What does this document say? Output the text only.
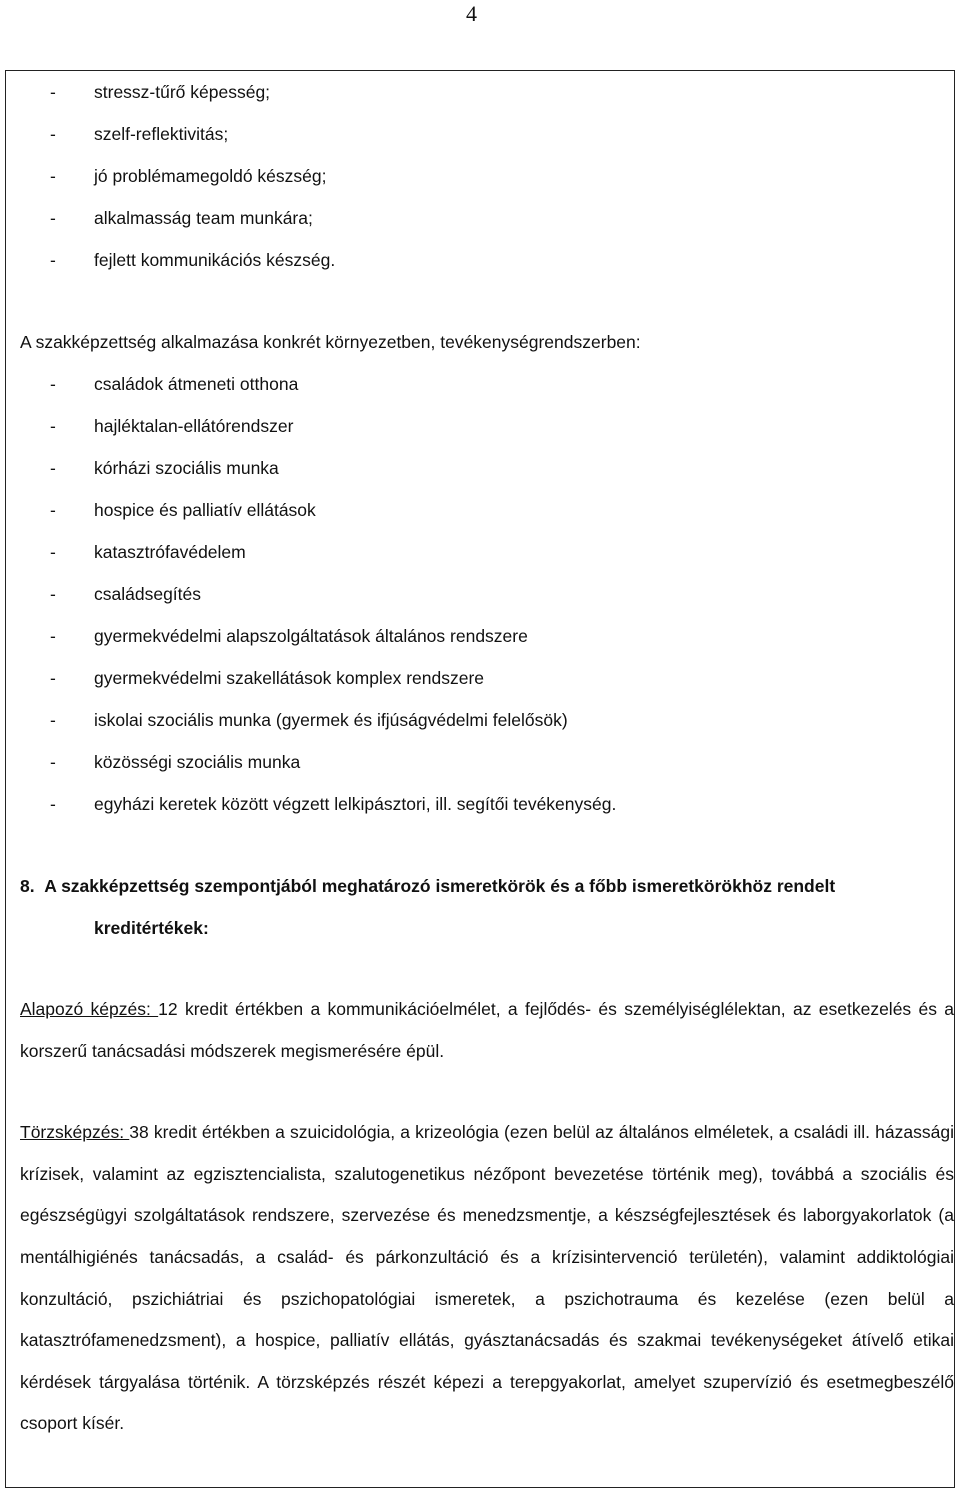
4
- stressz-tűrő képesség;
- szelf-reflektivitás;
- jó problémamegoldó készség;
- alkalmasság team munkára;
- fejlett kommunikációs készség.

A szakképzettség alkalmazása konkrét környezetben, tevékenységrendszerben:

- családok átmeneti otthona
- hajléktalan-ellátórendszer
- kórházi szociális munka
- hospice és palliatív ellátások
- katasztrófavédelem
- családsegítés
- gyermekvédelmi alapszolgáltatások általános rendszere
- gyermekvédelmi szakellátások komplex rendszere
- iskolai szociális munka (gyermek és ifjúságvédelmi felelősök)
- közösségi szociális munka
- egyházi keretek között végzett lelkipásztori, ill. segítői tevékenység.
8. A szakképzettség szempontjából meghatározó ismeretkörök és a főbb ismeretkörökhöz rendelt
kreditértékek:

Alapozó képzés: 12 kredit értékben a kommunikációelmélet, a fejlődés- és személyiséglélektan, az esetkezelés és a korszerű tanácsadási módszerek megismerésére épül.

Törzsképzés: 38 kredit értékben a szuicidológia, a krizeológia (ezen belül az általános elméletek, a családi ill. házassági krízisek, valamint az egzisztencialista, szalutogenetikus nézőpont bevezetése történik meg), továbbá a szociális és egészségügyi szolgáltatások rendszere, szervezése és menedzsmentje, a készségfejlesztések és laborgyakorlatok (a mentálhigiénés tanácsadás, a család- és párkonzultáció és a krízisintervenció területén), valamint addiktológiai konzultáció, pszichiátriai és pszichopatológiai ismeretek, a pszichotrauma és kezelése (ezen belül a katasztrófamenedzsment), a hospice, palliatív ellátás, gyásztanácsadás és szakmai tevékenységeket átívelő etikai kérdések tárgyalása történik. A törzsképzés részét képezi a terepgyakorlat, amelyet szupervízió és esetmegbeszélő csoport kísér.
